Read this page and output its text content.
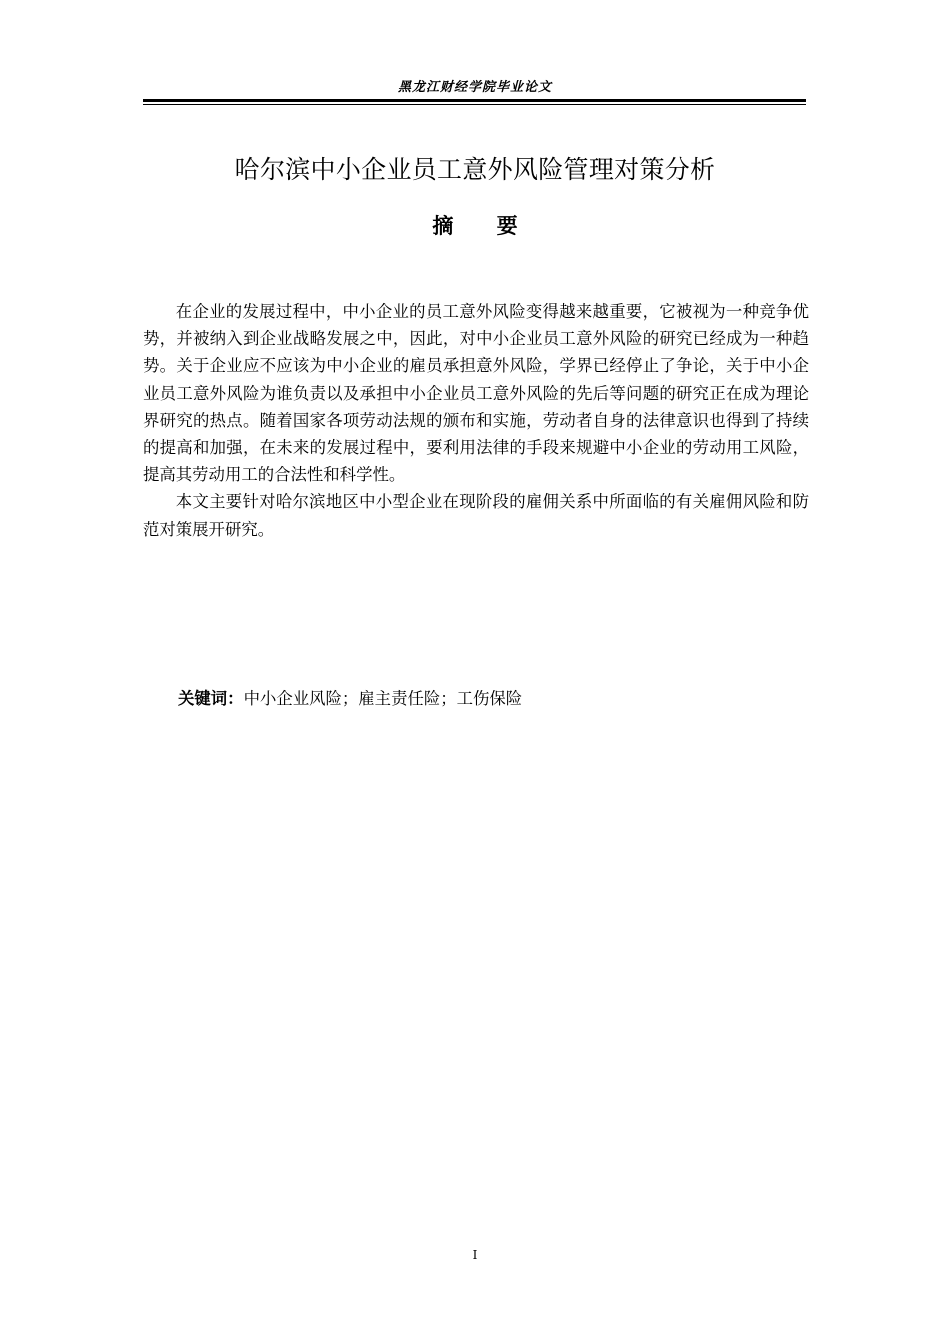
黑龙江财经学院毕业论文
哈尔滨中小企业员工意外风险管理对策分析
摘 要

在企业的发展过程中，中小企业的员工意外风险变得越来越重要，它被视为一种竞争优势，并被纳入到企业战略发展之中，因此，对中小企业员工意外风险的研究已经成为一种趋势。关于企业应不应该为中小企业的雇员承担意外风险，学界已经停止了争论，关于中小企业员工意外风险为谁负责以及承担中小企业员工意外风险的先后等问题的研究正在成为理论界研究的热点。随着国家各项劳动法规的颁布和实施，劳动者自身的法律意识也得到了持续的提高和加强，在未来的发展过程中，要利用法律的手段来规避中小企业的劳动用工风险，提高其劳动用工的合法性和科学性。

本文主要针对哈尔滨地区中小型企业在现阶段的雇佣关系中所面临的有关雇佣风险和防范对策展开研究。

关键词：中小企业风险；雇主责任险；工伤保险
I
